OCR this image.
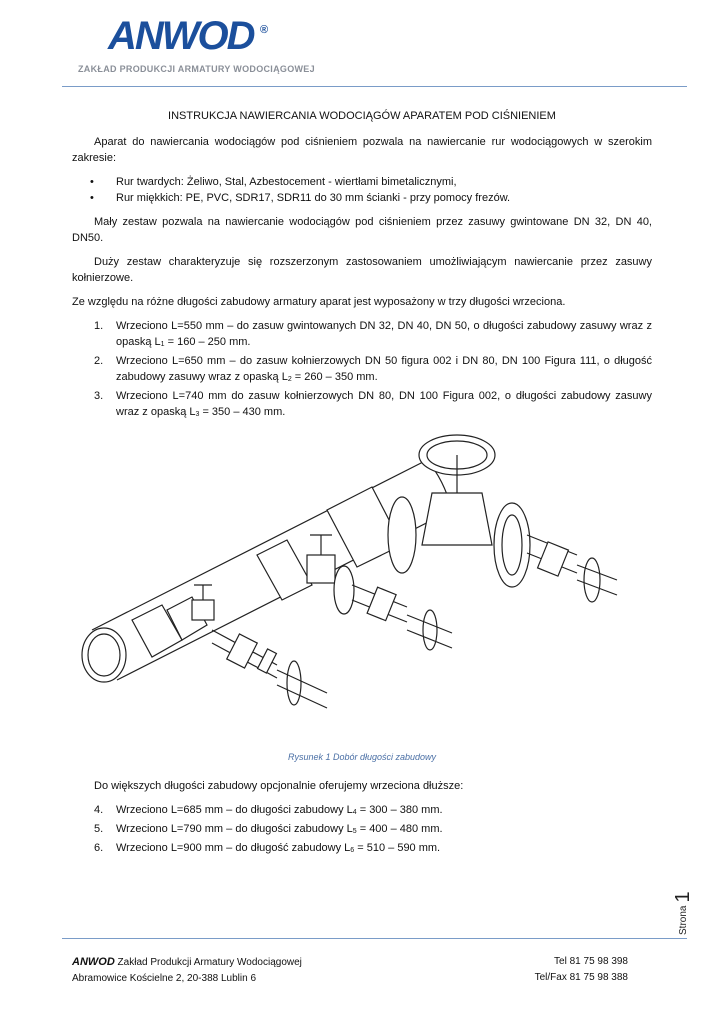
ANWOD ®
ZAKŁAD PRODUKCJI ARMATURY WODOCIĄGOWEJ
INSTRUKCJA NAWIERCANIA WODOCIĄGÓW APARATEM POD CIŚNIENIEM

Aparat do nawiercania wodociągów pod ciśnieniem pozwala na nawiercanie rur wodociągowych w szerokim zakresie:

• Rur twardych: Żeliwo, Stal, Azbestocement - wiertłami bimetalicznymi,
• Rur miękkich: PE, PVC, SDR17, SDR11 do 30 mm ścianki - przy pomocy frezów.

Mały zestaw pozwala na nawiercanie wodociągów pod ciśnieniem przez zasuwy gwintowane DN 32, DN 40, DN50.

Duży zestaw charakteryzuje się rozszerzonym zastosowaniem umożliwiającym nawiercanie przez zasuwy kołnierzowe.

Ze względu na różne długości zabudowy armatury aparat jest wyposażony w trzy długości wrzeciona.

1. Wrzeciono L=550 mm – do zasuw gwintowanych DN 32, DN 40, DN 50, o długości zabudowy zasuwy wraz z opaską $L_1 = 160 - 250$ mm.
2. Wrzeciono L=650 mm – do zasuw kołnierzowych DN 50 figura 002 i DN 80, DN 100 Figura 111, o długość zabudowy zasuwy wraz z opaską $L_2 = 260 - 350$ mm.
3. Wrzeciono L=740 mm do zasuw kołnierzowych DN 80, DN 100 Figura 002, o długości zabudowy zasuwy wraz z opaską $L_3 = 350 - 430$ mm.
Rysunek 1 Dobór długości zabudowy

Do większych długości zabudowy opcjonalnie oferujemy wrzeciona dłuższe:

4. Wrzeciono L=685 mm – do długości zabudowy $L_4 = 300 - 380$ mm.
5. Wrzeciono L=790 mm – do długości zabudowy $L_5 = 400 - 480$ mm.
6. Wrzeciono L=900 mm – do długość zabudowy $L_6 = 510 - 590$ mm.
Strona1
ANWOD Zakład Produkcji Armatury Wodociągowej
Abramowice Kościelne 2, 20-388 Lublin 6
Tel 81 75 98 398
Tel/Fax 81 75 98 388
